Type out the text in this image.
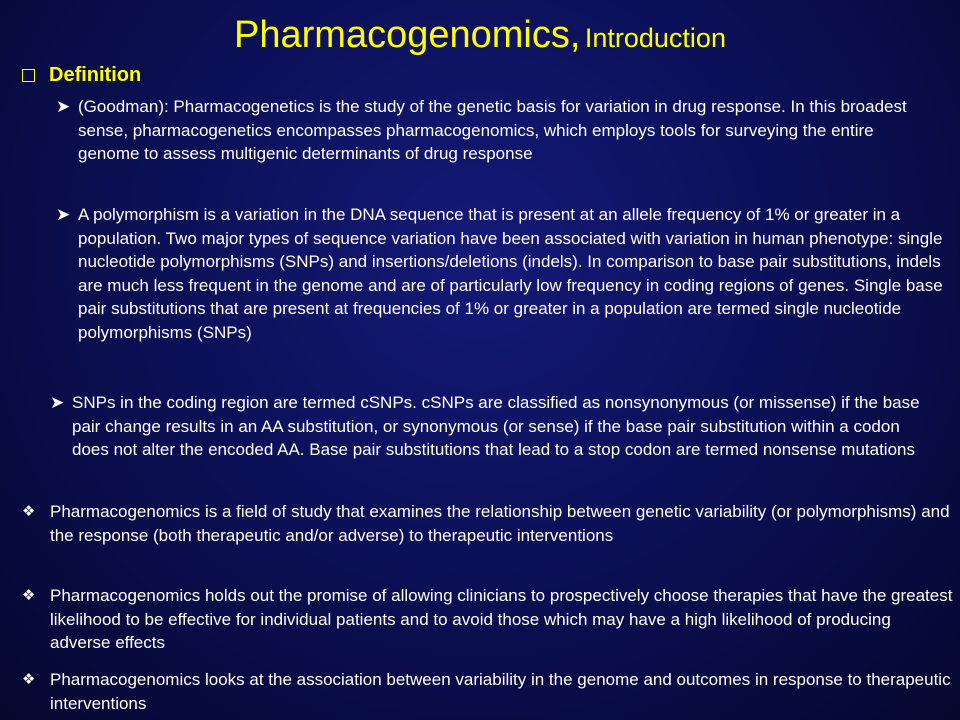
Pharmacogenomics, Introduction
Definition
➤ (Goodman): Pharmacogenetics is the study of the genetic basis for variation in drug response. In this broadest sense, pharmacogenetics encompasses pharmacogenomics, which employs tools for surveying the entire genome to assess multigenic determinants of drug response
➤ A polymorphism is a variation in the DNA sequence that is present at an allele frequency of 1% or greater in a population. Two major types of sequence variation have been associated with variation in human phenotype: single nucleotide polymorphisms (SNPs) and insertions/deletions (indels). In comparison to base pair substitutions, indels are much less frequent in the genome and are of particularly low frequency in coding regions of genes. Single base pair substitutions that are present at frequencies of 1% or greater in a population are termed single nucleotide polymorphisms (SNPs)
➤ SNPs in the coding region are termed cSNPs. cSNPs are classified as nonsynonymous (or missense) if the base pair change results in an AA substitution, or synonymous (or sense) if the base pair substitution within a codon does not alter the encoded AA. Base pair substitutions that lead to a stop codon are termed nonsense mutations
❖ Pharmacogenomics is a field of study that examines the relationship between genetic variability (or polymorphisms) and the response (both therapeutic and/or adverse) to therapeutic interventions
❖ Pharmacogenomics holds out the promise of allowing clinicians to prospectively choose therapies that have the greatest likelihood to be effective for individual patients and to avoid those which may have a high likelihood of producing adverse effects
❖ Pharmacogenomics looks at the association between variability in the genome and outcomes in response to therapeutic interventions
